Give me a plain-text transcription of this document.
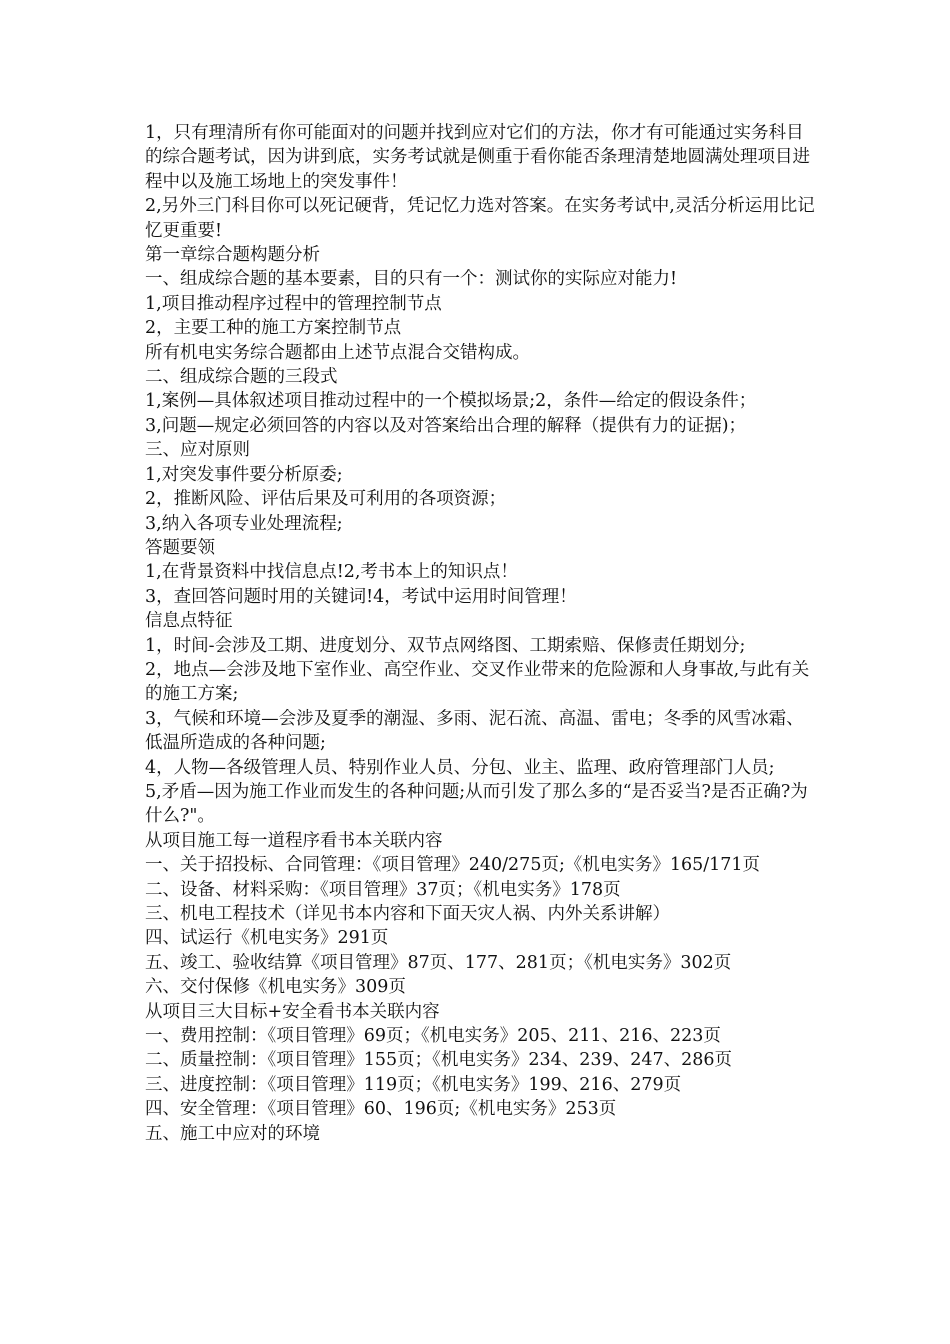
1，只有理清所有你可能面对的问题并找到应对它们的方法，你才有可能通过实务科目的综合题考试，因为讲到底，实务考试就是侧重于看你能否条理清楚地圆满处理项目进程中以及施工场地上的突发事件！

2,另外三门科目你可以死记硬背，凭记忆力选对答案。在实务考试中,灵活分析运用比记忆更重要!

第一章综合题构题分析

一、组成综合题的基本要素，目的只有一个：测试你的实际应对能力!

1,项目推动程序过程中的管理控制节点

2，主要工种的施工方案控制节点

所有机电实务综合题都由上述节点混合交错构成。

二、组成综合题的三段式

1,案例—具体叙述项目推动过程中的一个模拟场景;2，条件—给定的假设条件；

3,问题—规定必须回答的内容以及对答案给出合理的解释（提供有力的证据)；

三、应对原则

1,对突发事件要分析原委;

2，推断风险、评估后果及可利用的各项资源；

3,纳入各项专业处理流程;

答题要领

1,在背景资料中找信息点!2,考书本上的知识点！

3，查回答问题时用的关键词!4，考试中运用时间管理！

信息点特征

1，时间-会涉及工期、进度划分、双节点网络图、工期索赔、保修责任期划分;

2，地点—会涉及地下室作业、高空作业、交叉作业带来的危险源和人身事故,与此有关的施工方案;

3，气候和环境—会涉及夏季的潮湿、多雨、泥石流、高温、雷电；冬季的风雪冰霜、低温所造成的各种问题;

4，人物—各级管理人员、特别作业人员、分包、业主、监理、政府管理部门人员;

5,矛盾—因为施工作业而发生的各种问题;从而引发了那么多的“是否妥当?是否正确?为什么?"。

从项目施工每一道程序看书本关联内容

一、关于招投标、合同管理：《项目管理》240/275页;《机电实务》165/171页

二、设备、材料采购：《项目管理》37页；《机电实务》178页

三、机电工程技术（详见书本内容和下面天灾人祸、内外关系讲解）

四、试运行《机电实务》291页

五、竣工、验收结算《项目管理》87页、177、281页；《机电实务》302页

六、交付保修《机电实务》309页

从项目三大目标+安全看书本关联内容

一、费用控制：《项目管理》69页；《机电实务》205、211、216、223页

二、质量控制：《项目管理》155页；《机电实务》234、239、247、286页

三、进度控制：《项目管理》119页；《机电实务》199、216、279页

四、安全管理：《项目管理》60、196页;《机电实务》253页

五、施工中应对的环境
